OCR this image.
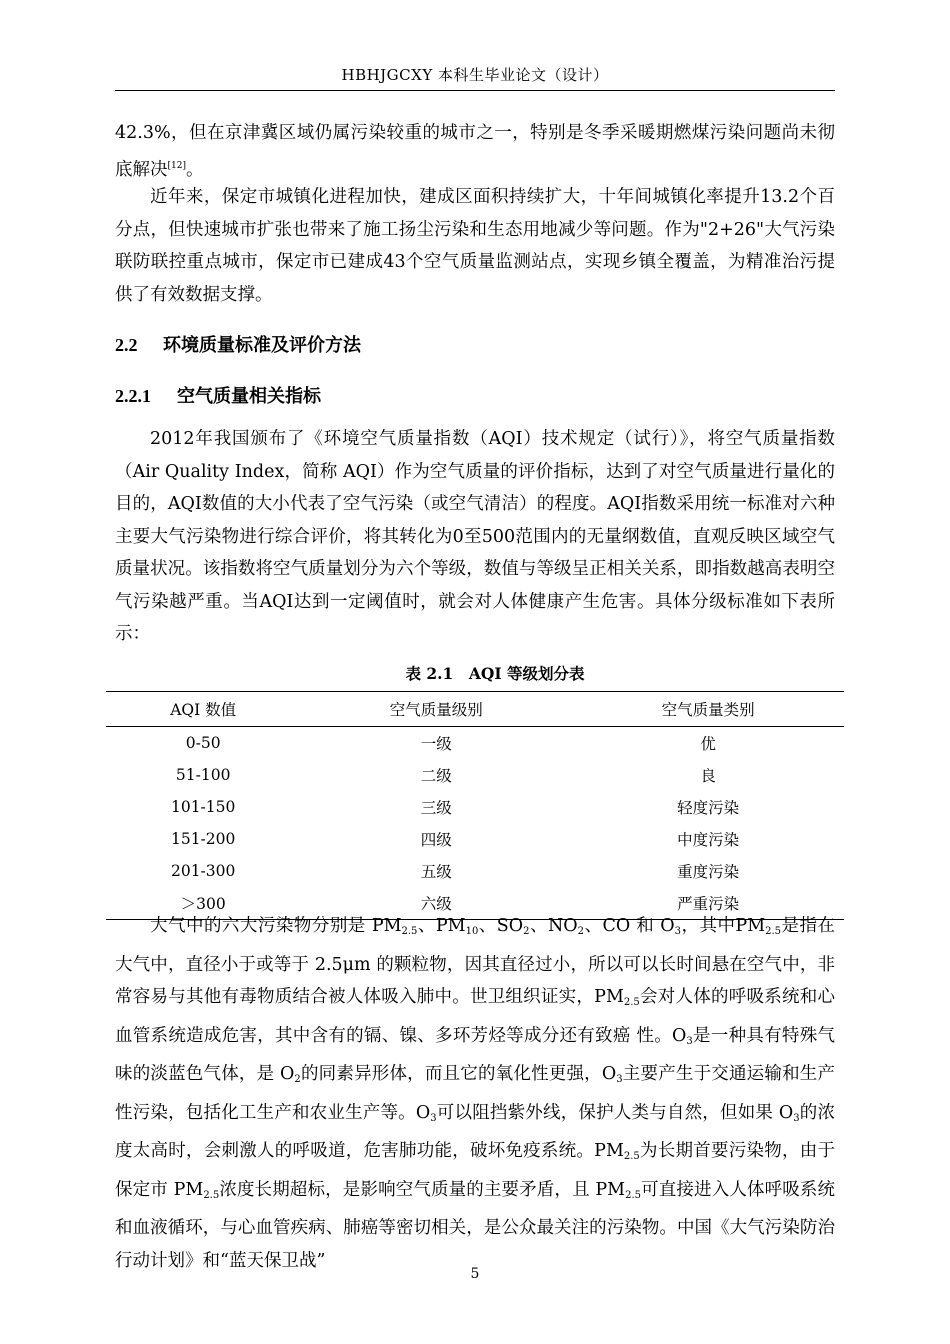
HBHJGCXY 本科生毕业论文（设计）

42.3%，但在京津冀区域仍属污染较重的城市之一，特别是冬季采暖期燃煤污染问题尚未彻底解决[12]。

近年来，保定市城镇化进程加快，建成区面积持续扩大，十年间城镇化率提升13.2个百分点，但快速城市扩张也带来了施工扬尘污染和生态用地减少等问题。作为"2+26"大气污染联防联控重点城市，保定市已建成43个空气质量监测站点，实现乡镇全覆盖，为精准治污提供了有效数据支撑。

2.2 环境质量标准及评价方法
2.2.1 空气质量相关指标

2012年我国颁布了《环境空气质量指数（AQI）技术规定（试行）》，将空气质量指数（Air Quality Index，简称 AQI）作为空气质量的评价指标，达到了对空气质量进行量化的目的，AQI数值的大小代表了空气污染（或空气清洁）的程度。AQI指数采用统一标准对六种主要大气污染物进行综合评价，将其转化为0至500范围内的无量纲数值，直观反映区域空气质量状况。该指数将空气质量划分为六个等级，数值与等级呈正相关关系，即指数越高表明空气污染越严重。当AQI达到一定阈值时，就会对人体健康产生危害。具体分级标准如下表所示：

表 2.1　AQI 等级划分表
AQI 数值	空气质量级别	空气质量类别
0-50	一级	优
51-100	二级	良
101-150	三级	轻度污染
151-200	四级	中度污染
201-300	五级	重度污染
＞300	六级	严重污染

大气中的六大污染物分别是 $PM_{2.5}$、$PM_{10}$、$SO_2$、$NO_2$、CO 和 $O_3$，其中$PM_{2.5}$是指在大气中，直径小于或等于 2.5μm 的颗粒物，因其直径过小，所以可以长时间悬在空气中，非常容易与其他有毒物质结合被人体吸入肺中。世卫组织证实，$PM_{2.5}$会对人体的呼吸系统和心血管系统造成危害，其中含有的镉、镍、多环芳烃等成分还有致癌 性。$O_3$是一种具有特殊气味的淡蓝色气体，是 $O_2$的同素异形体，而且它的氧化性更强，$O_3$主要产生于交通运输和生产性污染，包括化工生产和农业生产等。$O_3$可以阻挡紫外线，保护人类与自然，但如果 $O_3$的浓度太高时，会刺激人的呼吸道，危害肺功能，破坏免疫系统。$PM_{2.5}$为长期首要污染物，由于保定市 $PM_{2.5}$浓度长期超标，是影响空气质量的主要矛盾，且 $PM_{2.5}$可直接进入人体呼吸系统和血液循环，与心血管疾病、肺癌等密切相关，是公众最关注的污染物。中国《大气污染防治行动计划》和“蓝天保卫战”

5
